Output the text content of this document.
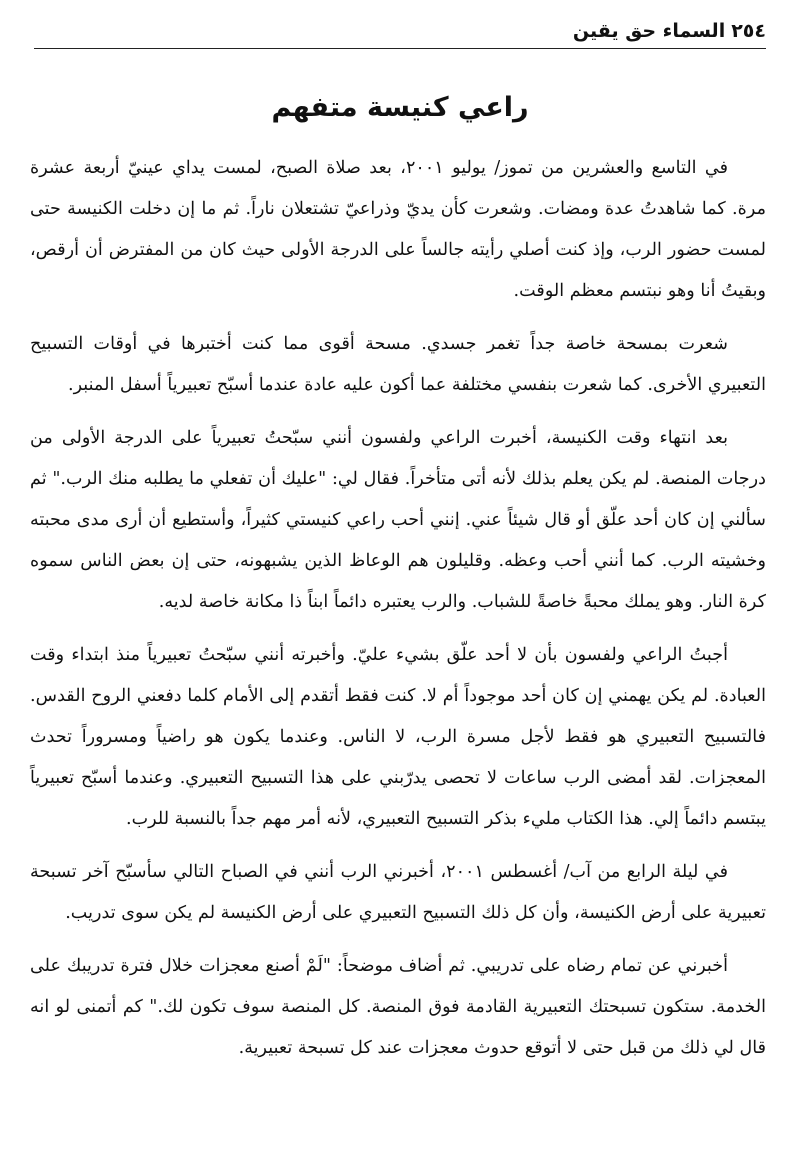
٢٥٤السماء حق يقين
راعي كنيسة متفهم

في التاسع والعشرين من تموز/ يوليو ٢٠٠١، بعد صلاة الصبح، لمست يداي عينيّ أربعة عشرة مرة. كما شاهدتُ عدة ومضات. وشعرت كأن يديّ وذراعيّ تشتعلان ناراً. ثم ما إن دخلت الكنيسة حتى لمست حضور الرب، وإذ كنت أصلي رأيته جالساً على الدرجة الأولى حيث كان من المفترض أن أرقص، وبقيتُ أنا وهو نبتسم معظم الوقت.

شعرت بمسحة خاصة جداً تغمر جسدي. مسحة أقوى مما كنت أختبرها في أوقات التسبيح التعبيري الأخرى. كما شعرت بنفسي مختلفة عما أكون عليه عادة عندما أسبّح تعبيرياً أسفل المنبر.

بعد انتهاء وقت الكنيسة، أخبرت الراعي ولفسون أنني سبّحتُ تعبيرياً على الدرجة الأولى من درجات المنصة. لم يكن يعلم بذلك لأنه أتى متأخراً. فقال لي: "عليك أن تفعلي ما يطلبه منك الرب." ثم سألني إن كان أحد علّق أو قال شيئاً عني. إنني أحب راعي كنيستي كثيراً، وأستطيع أن أرى مدى محبته وخشيته الرب. كما أنني أحب وعظه. وقليلون هم الوعاظ الذين يشبهونه، حتى إن بعض الناس سموه كرة النار. وهو يملك محبةً خاصةً للشباب. والرب يعتبره دائماً ابناً ذا مكانة خاصة لديه.

أجبتُ الراعي ولفسون بأن لا أحد علّق بشيء عليّ. وأخبرته أنني سبّحتُ تعبيرياً منذ ابتداء وقت العبادة. لم يكن يهمني إن كان أحد موجوداً أم لا. كنت فقط أتقدم إلى الأمام كلما دفعني الروح القدس. فالتسبيح التعبيري هو فقط لأجل مسرة الرب، لا الناس. وعندما يكون هو راضياً ومسروراً تحدث المعجزات. لقد أمضى الرب ساعات لا تحصى يدرّبني على هذا التسبيح التعبيري. وعندما أسبّح تعبيرياً يبتسم دائماً إلي. هذا الكتاب مليء بذكر التسبيح التعبيري، لأنه أمر مهم جداً بالنسبة للرب.

في ليلة الرابع من آب/ أغسطس ٢٠٠١، أخبرني الرب أنني في الصباح التالي سأسبّح آخر تسبحة تعبيرية على أرض الكنيسة، وأن كل ذلك التسبيح التعبيري على أرض الكنيسة لم يكن سوى تدريب.

أخبرني عن تمام رضاه على تدريبي. ثم أضاف موضحاً: "لَمْ أصنع معجزات خلال فترة تدريبك على الخدمة. ستكون تسبحتك التعبيرية القادمة فوق المنصة. كل المنصة سوف تكون لك." كم أتمنى لو انه قال لي ذلك من قبل حتى لا أتوقع حدوث معجزات عند كل تسبحة تعبيرية.
